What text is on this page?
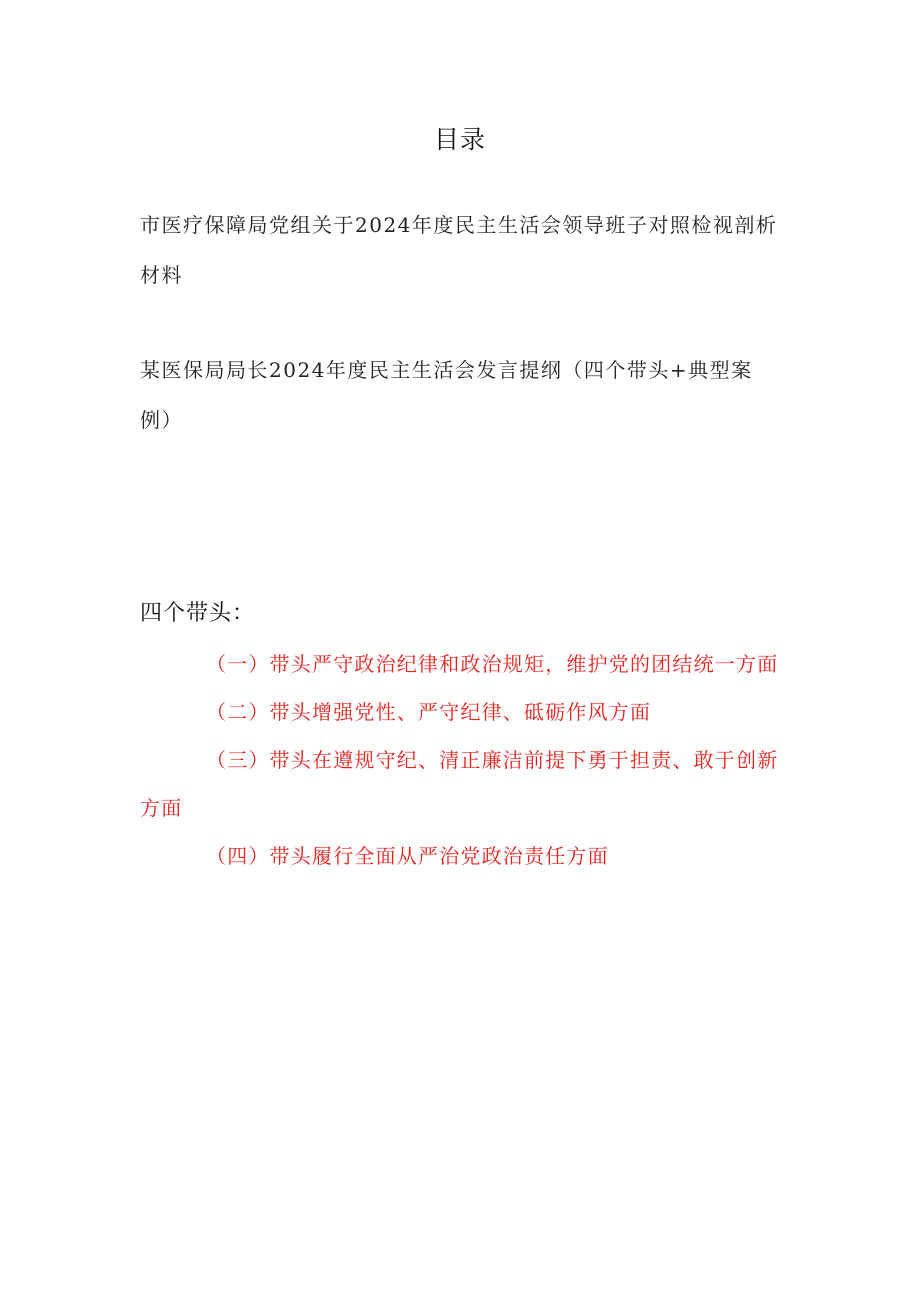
目录
市医疗保障局党组关于2024年度民主生活会领导班子对照检视剖析材料
某医保局局长2024年度民主生活会发言提纲（四个带头+典型案例）
四个带头：

（一）带头严守政治纪律和政治规矩，维护党的团结统一方面

（二）带头增强党性、严守纪律、砥砺作风方面

（三）带头在遵规守纪、清正廉洁前提下勇于担责、敢于创新方面

（四）带头履行全面从严治党政治责任方面
